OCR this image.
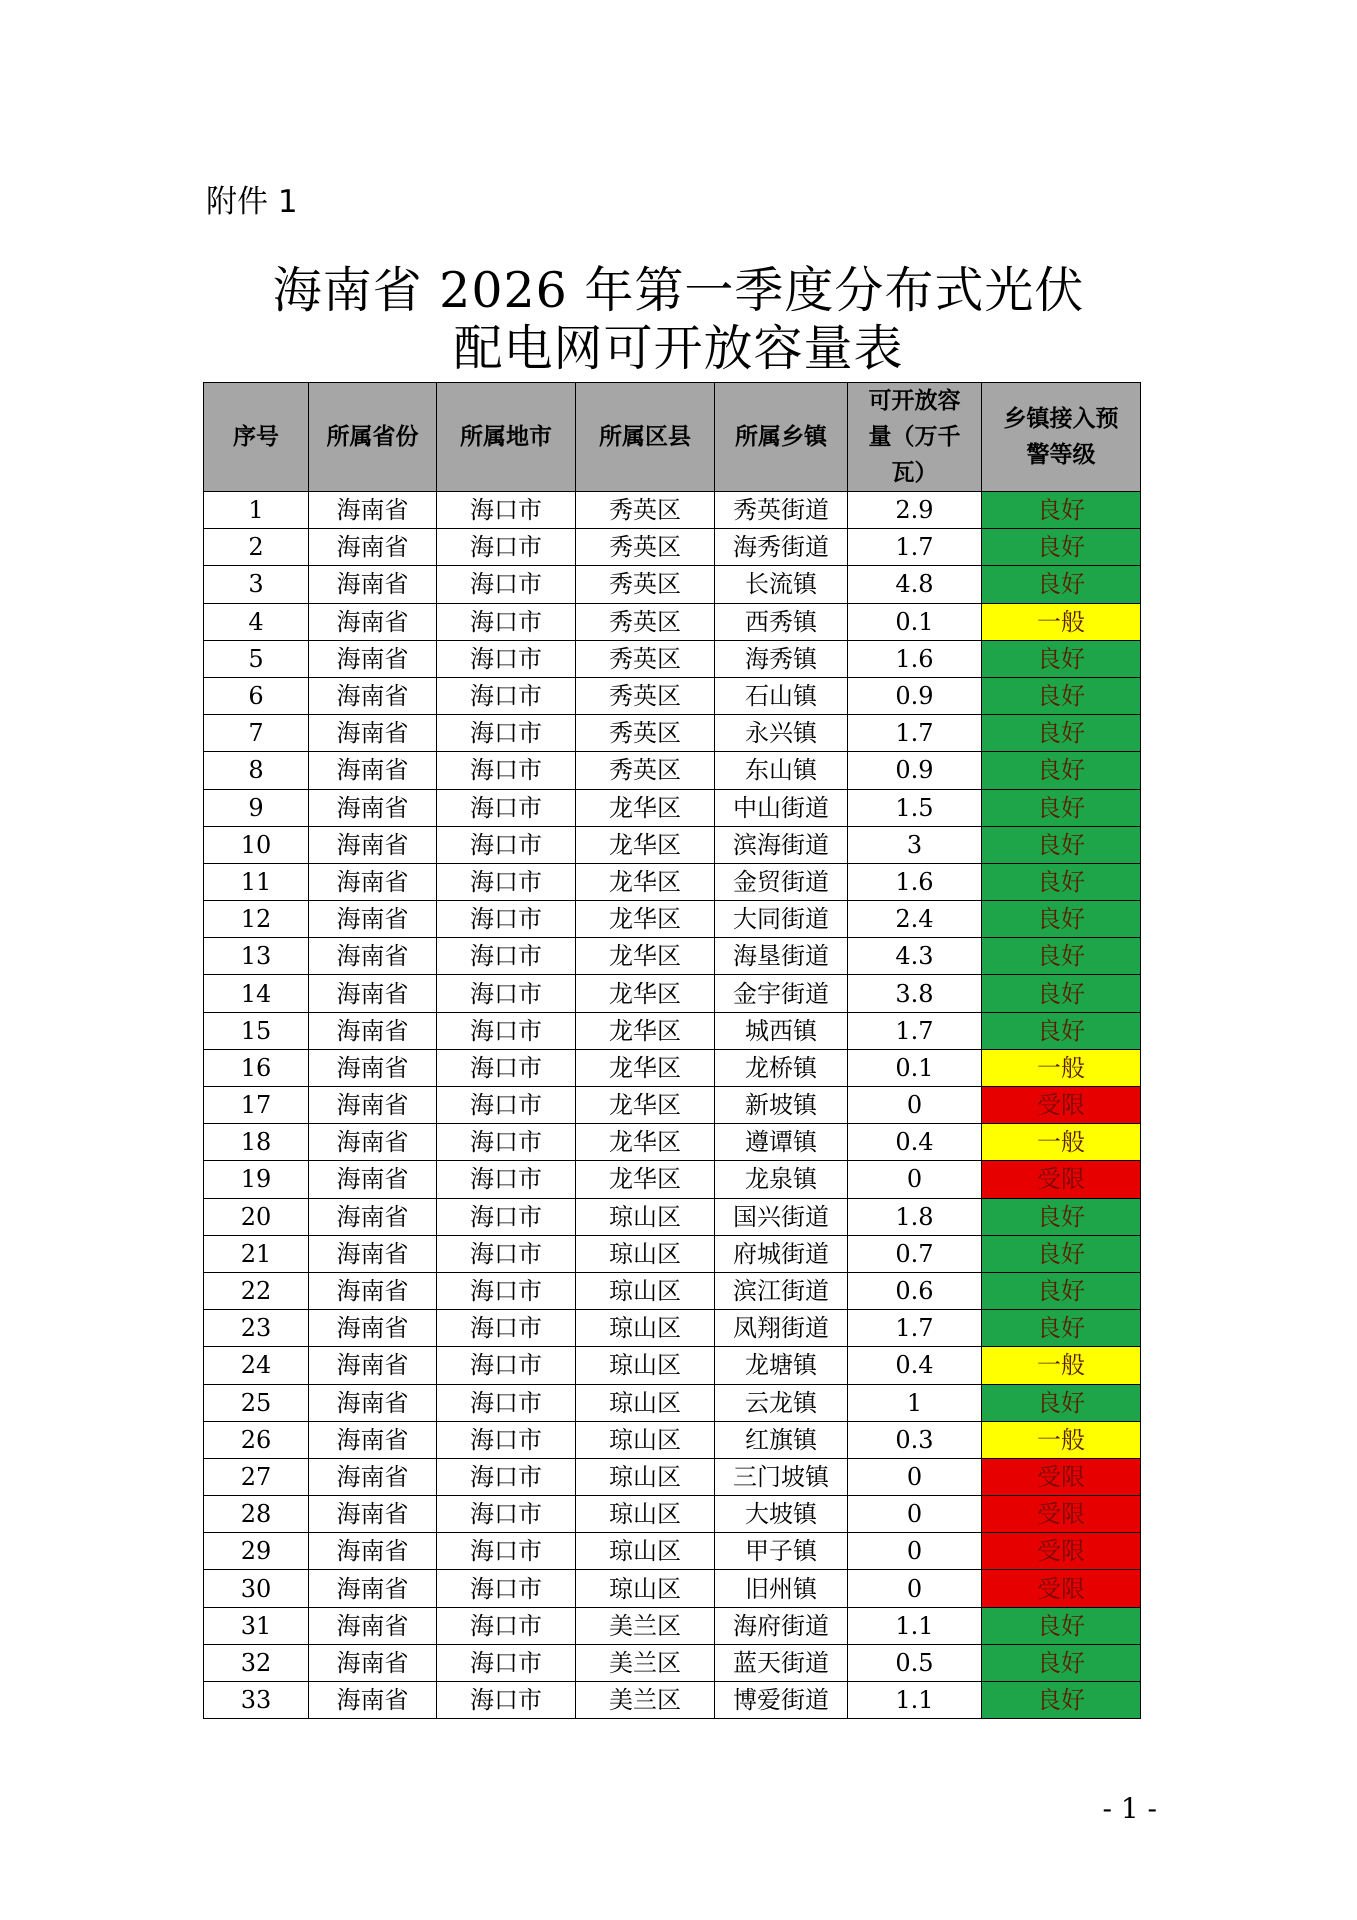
附件 1
海南省 2026 年第一季度分布式光伏
配电网可开放容量表
序号	所属省份	所属地市	所属区县	所属乡镇	可开放容量（万千瓦）	乡镇接入预警等级
1	海南省	海口市	秀英区	秀英街道	2.9	良好
2	海南省	海口市	秀英区	海秀街道	1.7	良好
3	海南省	海口市	秀英区	长流镇	4.8	良好
4	海南省	海口市	秀英区	西秀镇	0.1	一般
5	海南省	海口市	秀英区	海秀镇	1.6	良好
6	海南省	海口市	秀英区	石山镇	0.9	良好
7	海南省	海口市	秀英区	永兴镇	1.7	良好
8	海南省	海口市	秀英区	东山镇	0.9	良好
9	海南省	海口市	龙华区	中山街道	1.5	良好
10	海南省	海口市	龙华区	滨海街道	3	良好
11	海南省	海口市	龙华区	金贸街道	1.6	良好
12	海南省	海口市	龙华区	大同街道	2.4	良好
13	海南省	海口市	龙华区	海垦街道	4.3	良好
14	海南省	海口市	龙华区	金宇街道	3.8	良好
15	海南省	海口市	龙华区	城西镇	1.7	良好
16	海南省	海口市	龙华区	龙桥镇	0.1	一般
17	海南省	海口市	龙华区	新坡镇	0	受限
18	海南省	海口市	龙华区	遵谭镇	0.4	一般
19	海南省	海口市	龙华区	龙泉镇	0	受限
20	海南省	海口市	琼山区	国兴街道	1.8	良好
21	海南省	海口市	琼山区	府城街道	0.7	良好
22	海南省	海口市	琼山区	滨江街道	0.6	良好
23	海南省	海口市	琼山区	凤翔街道	1.7	良好
24	海南省	海口市	琼山区	龙塘镇	0.4	一般
25	海南省	海口市	琼山区	云龙镇	1	良好
26	海南省	海口市	琼山区	红旗镇	0.3	一般
27	海南省	海口市	琼山区	三门坡镇	0	受限
28	海南省	海口市	琼山区	大坡镇	0	受限
29	海南省	海口市	琼山区	甲子镇	0	受限
30	海南省	海口市	琼山区	旧州镇	0	受限
31	海南省	海口市	美兰区	海府街道	1.1	良好
32	海南省	海口市	美兰区	蓝天街道	0.5	良好
33	海南省	海口市	美兰区	博爱街道	1.1	良好
- 1 -
